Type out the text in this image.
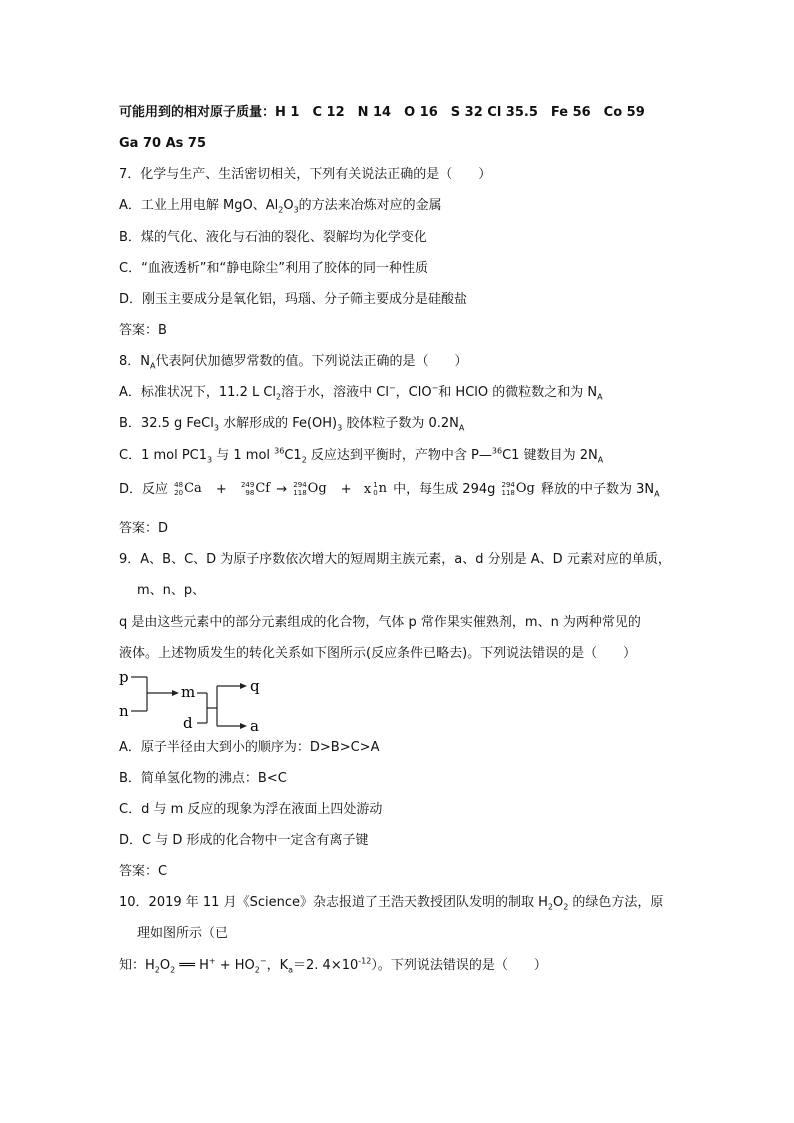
可能用到的相对原子质量：H 1　C 12　N 14　O 16　S 32 Cl 35.5　Fe 56　Co 59
Ga 70 As 75
7．化学与生产、生活密切相关，下列有关说法正确的是（　　）
A．工业上用电解 MgO、$Al_2O_3$的方法来冶炼对应的金属
B．煤的气化、液化与石油的裂化、裂解均为化学变化
C．“血液透析”和“静电除尘”利用了胶体的同一种性质
D．刚玉主要成分是氧化铝，玛瑙、分子筛主要成分是硅酸盐
答案：B
8．$N_A$代表阿伏加德罗常数的值。下列说法正确的是（　　）
A．标准状况下，11.2 L $Cl_2$溶于水，溶液中 Cl−，ClO−和 HClO 的微粒数之和为 $N_A$
B．32.5 g FeCl$_3$ 水解形成的 $Fe(OH)_3$ 胶体粒子数为 $0.2N_A$
C．1 mol $PC1_3$ 与 1 mol $^{36}C1_2$ 反应达到平衡时，产物中含 P—$^{36}$C1 键数目为 $2N_A$
D．反应 48
20 Ca + 249
98 Cf → 294
118 Og + x 1
0 n 中，每生成 294g 294
118 Og 释放的中子数为 $3N_A$
答案：D
9．A、B、C、D 为原子序数依次增大的短周期主族元素，a、d 分别是 A、D 元素对应的单质，
m、n、p、
q 是由这些元素中的部分元素组成的化合物，气体 p 常作果实催熟剂，m、n 为两种常见的
液体。上述物质发生的转化关系如下图所示(反应条件已略去)。下列说法错误的是（　　）
p
n
m
d
q
a
A．原子半径由大到小的顺序为：D>B>C>A
B．简单氢化物的沸点：B<C
C．d 与 m 反应的现象为浮在液面上四处游动
D．C 与 D 形成的化合物中一定含有离子键
答案：C
10．2019 年 11 月《Science》杂志报道了王浩天教授团队发明的制取 $H_2O_2$ 的绿色方法，原
理如图所示（已
知：$H_2O_2$ ══ $H^+ + HO_2^-$，$K_a=2$. $4\times 10^{-12}$）。下列说法错误的是（　　）
